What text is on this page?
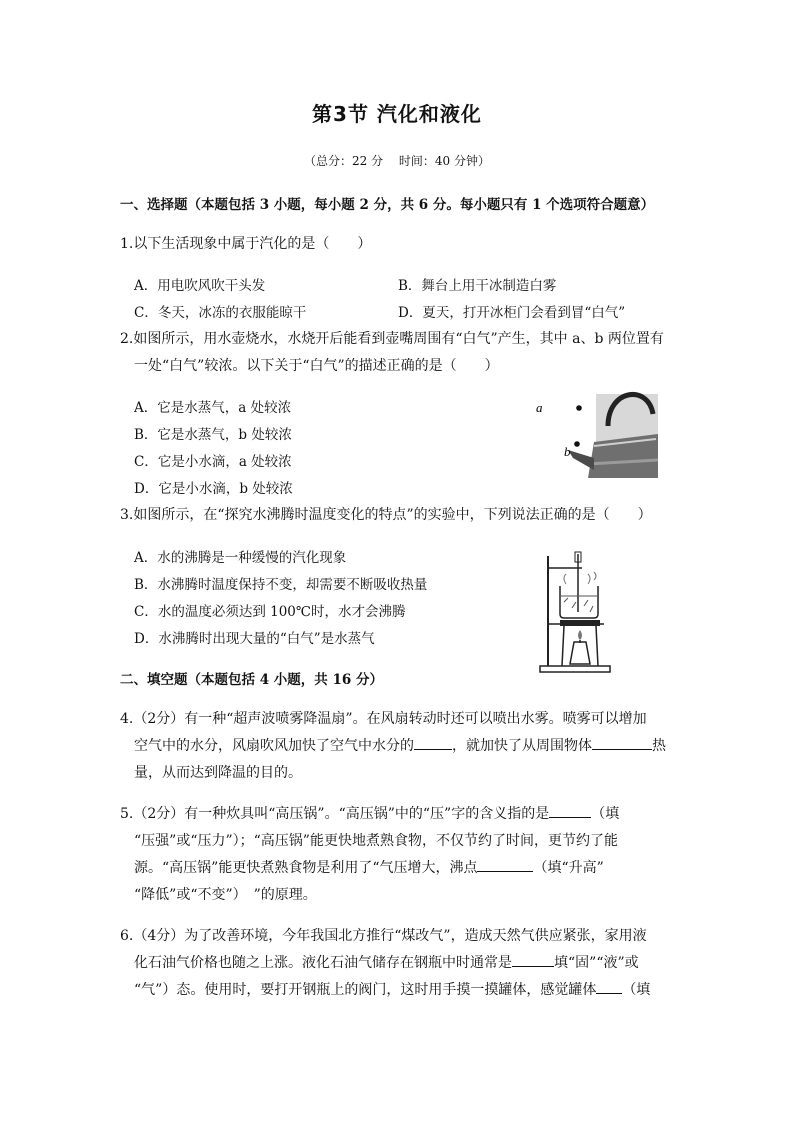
第3节 汽化和液化
（总分：22 分　 时间：40 分钟）
一、选择题（本题包括 3 小题，每小题 2 分，共 6 分。每小题只有 1 个选项符合题意）
1.以下生活现象中属于汽化的是（　　）
A．用电吹风吹干头发	B．舞台上用干冰制造白雾
C．冬天，冰冻的衣服能晾干	D．夏天，打开冰柜门会看到冒“白气”
2.如图所示，用水壶烧水，水烧开后能看到壶嘴周围有“白气”产生，其中 a、b 两位置有
一处“白气”较浓。以下关于“白气”的描述正确的是（　　）
A．它是水蒸气，a 处较浓
B．它是水蒸气，b 处较浓
C．它是小水滴，a 处较浓
D．它是小水滴，b 处较浓
a
b
3.如图所示，在“探究水沸腾时温度变化的特点”的实验中，下列说法正确的是（　　）
A．水的沸腾是一种缓慢的汽化现象
B．水沸腾时温度保持不变，却需要不断吸收热量
C．水的温度必须达到 100℃时，水才会沸腾
D．水沸腾时出现大量的“白气”是水蒸气
二、填空题（本题包括 4 小题，共 16 分）
4.（2分）有一种“超声波喷雾降温扇”。在风扇转动时还可以喷出水雾。喷雾可以增加
空气中的水分，风扇吹风加快了空气中水分的	，就加快了从周围物体	热
量，从而达到降温的目的。
5.（2分）有一种炊具叫“高压锅”。“高压锅”中的“压”字的含义指的是	（填
“压强”或“压力”）；“高压锅”能更快地煮熟食物，不仅节约了时间，更节约了能
源。“高压锅”能更快煮熟食物是利用了“气压增大，沸点	（填“升高”
“降低”或“不变”）　”的原理。
6.（4分）为了改善环境，今年我国北方推行“煤改气”，造成天然气供应紧张，家用液
化石油气价格也随之上涨。液化石油气储存在钢瓶中时通常是	填“固”“液”或
“气”）态。使用时，要打开钢瓶上的阀门，这时用手摸一摸罐体，感觉罐体 （填
